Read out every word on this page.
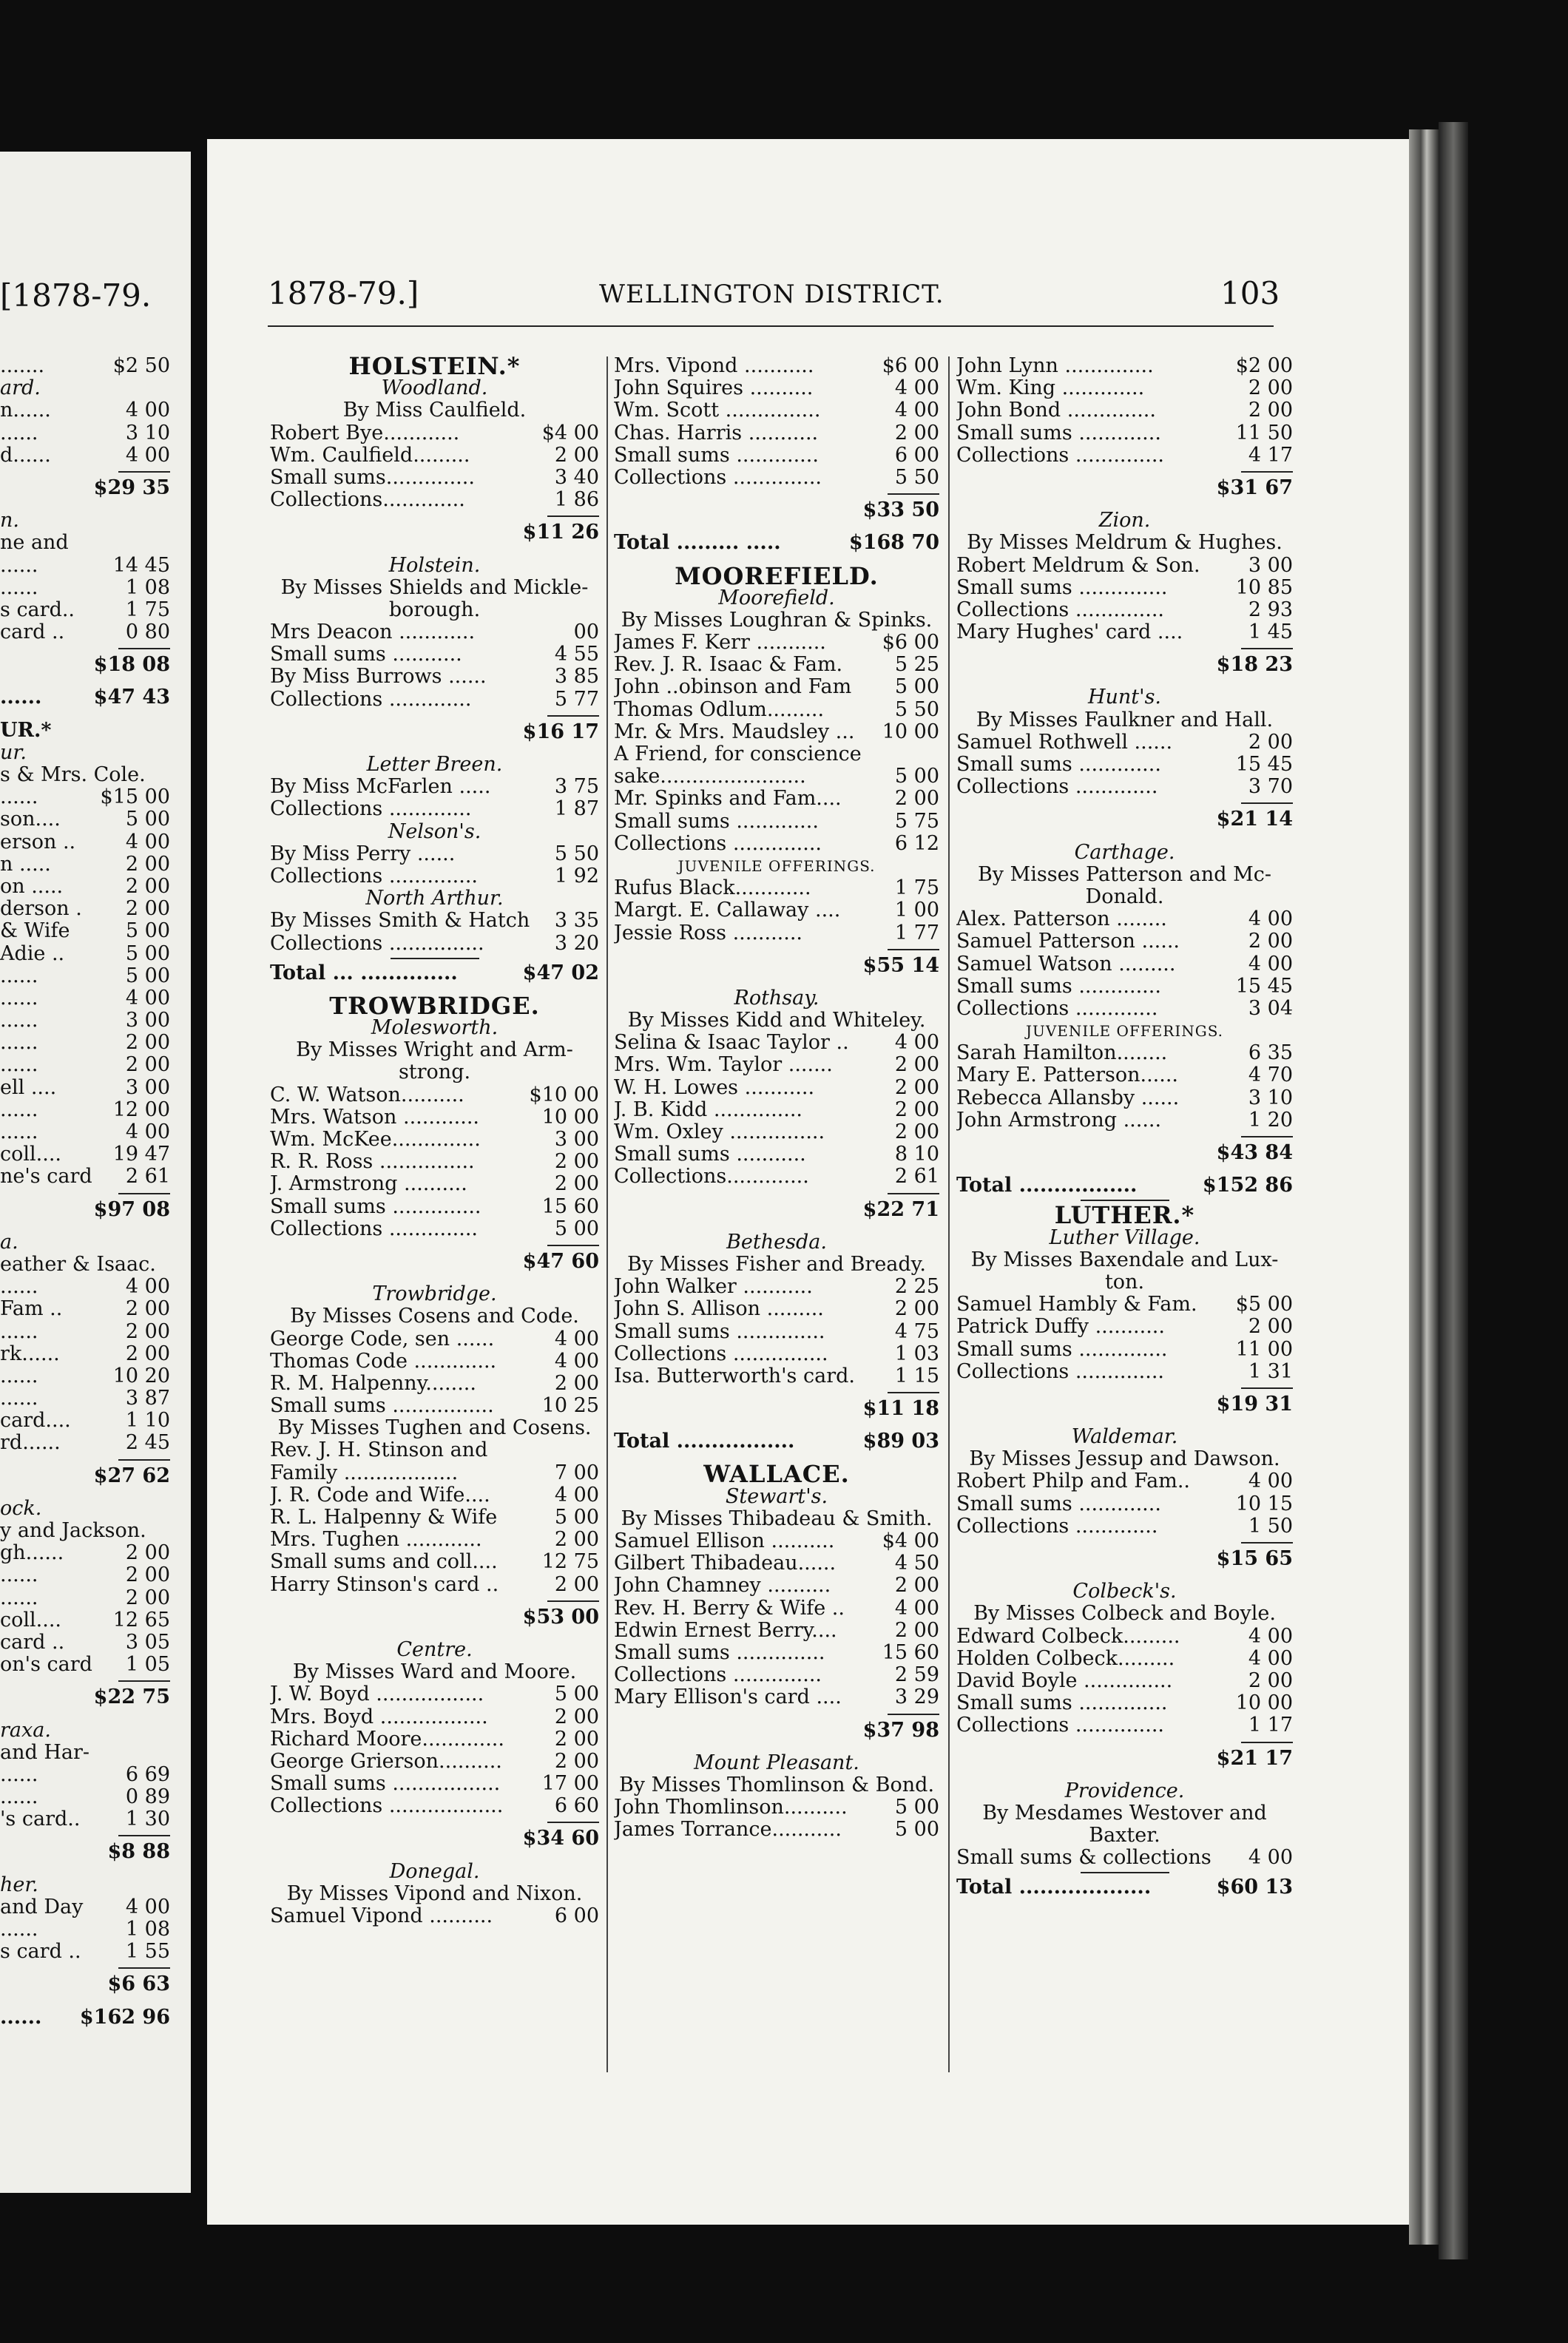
[1878-79.
.......	$2 50
ard.
n......	4 00
......	3 10
d......	4 00
$29 35
n.
ne and
......	14 45
......	1 08
s card..	1 75
card ..	0 80
$18 08
......	$47 43
UR.*
ur.
s & Mrs. Cole.
......	$15 00
son....	5 00
erson ..	4 00
n .....	2 00
on .....	2 00
derson .	2 00
& Wife	5 00
Adie ..	5 00
......	5 00
......	4 00
......	3 00
......	2 00
......	2 00
ell ....	3 00
......	12 00
......	4 00
coll....	19 47
ne's card	2 61
$97 08
a.
eather & Isaac.
......	4 00
Fam ..	2 00
......	2 00
rk......	2 00
......	10 20
......	3 87
card....	1 10
rd......	2 45
$27 62
ock.
y and Jackson.
gh......	2 00
......	2 00
......	2 00
coll....	12 65
card ..	3 05
on's card	1 05
$22 75
raxa.
and Har-
......	6 69
......	0 89
's card..	1 30
$8 88
her.
and Day	4 00
......	1 08
s card ..	1 55
$6 63
......	$162 96
1878-79.]	WELLINGTON DISTRICT.	103
HOLSTEIN.*
Woodland.
By Miss Caulfield.
Robert Bye............	$4 00
Wm. Caulfield.........	2 00
Small sums..............	3 40
Collections.............	1 86
$11 26
Holstein.
By Misses Shields and Mickle-
borough.
Mrs Deacon ............	00
Small sums ...........	4 55
By Miss Burrows ......	3 85
Collections .............	5 77
$16 17
Letter Breen.
By Miss McFarlen .....	3 75
Collections .............	1 87
Nelson's.
By Miss Perry ......	5 50
Collections ..............	1 92
North Arthur.
By Misses Smith & Hatch	3 35
Collections ...............	3 20
Total ... ..............	$47 02
TROWBRIDGE.
Molesworth.
By Misses Wright and Arm-
strong.
C. W. Watson..........	$10 00
Mrs. Watson ............	10 00
Wm. McKee..............	3 00
R. R. Ross ...............	2 00
J. Armstrong ..........	2 00
Small sums ..............	15 60
Collections ..............	5 00
$47 60
Trowbridge.
By Misses Cosens and Code.
George Code, sen ......	4 00
Thomas Code .............	4 00
R. M. Halpenny........	2 00
Small sums ................	10 25
By Misses Tughen and Cosens.
Rev. J. H. Stinson and
Family ..................	7 00
J. R. Code and Wife....	4 00
R. L. Halpenny & Wife	5 00
Mrs. Tughen ............	2 00
Small sums and coll....	12 75
Harry Stinson's card ..	2 00
$53 00
Centre.
By Misses Ward and Moore.
J. W. Boyd .................	5 00
Mrs. Boyd .................	2 00
Richard Moore.............	2 00
George Grierson..........	2 00
Small sums .................	17 00
Collections ..................	6 60
$34 60
Donegal.
By Misses Vipond and Nixon.
Samuel Vipond ..........	6 00
Mrs. Vipond ...........	$6 00
John Squires ..........	4 00
Wm. Scott ...............	4 00
Chas. Harris ...........	2 00
Small sums .............	6 00
Collections ..............	5 50
$33 50
Total ......... .....	$168 70
MOOREFIELD.
Moorefield.
By Misses Loughran & Spinks.
James F. Kerr ...........	$6 00
Rev. J. R. Isaac & Fam.	5 25
John ..obinson and Fam	5 00
Thomas Odlum.........	5 50
Mr. & Mrs. Maudsley ...	10 00
A Friend, for conscience
sake.......................	5 00
Mr. Spinks and Fam....	2 00
Small sums .............	5 75
Collections ..............	6 12
JUVENILE OFFERINGS.
Rufus Black............	1 75
Margt. E. Callaway ....	1 00
Jessie Ross ...........	1 77
$55 14
Rothsay.
By Misses Kidd and Whiteley.
Selina & Isaac Taylor ..	4 00
Mrs. Wm. Taylor .......	2 00
W. H. Lowes ...........	2 00
J. B. Kidd ..............	2 00
Wm. Oxley ...............	2 00
Small sums ...........	8 10
Collections.............	2 61
$22 71
Bethesda.
By Misses Fisher and Bready.
John Walker ...........	2 25
John S. Allison .........	2 00
Small sums ..............	4 75
Collections ...............	1 03
Isa. Butterworth's card.	1 15
$11 18
Total .................	$89 03
WALLACE.
Stewart's.
By Misses Thibadeau & Smith.
Samuel Ellison ..........	$4 00
Gilbert Thibadeau......	4 50
John Chamney ..........	2 00
Rev. H. Berry & Wife ..	4 00
Edwin Ernest Berry....	2 00
Small sums ..............	15 60
Collections ..............	2 59
Mary Ellison's card ....	3 29
$37 98
Mount Pleasant.
By Misses Thomlinson & Bond.
John Thomlinson..........	5 00
James Torrance...........	5 00
John Lynn ..............	$2 00
Wm. King .............	2 00
John Bond ..............	2 00
Small sums .............	11 50
Collections ..............	4 17
$31 67
Zion.
By Misses Meldrum & Hughes.
Robert Meldrum & Son.	3 00
Small sums ..............	10 85
Collections ..............	2 93
Mary Hughes' card ....	1 45
$18 23
Hunt's.
By Misses Faulkner and Hall.
Samuel Rothwell ......	2 00
Small sums .............	15 45
Collections .............	3 70
$21 14
Carthage.
By Misses Patterson and Mc-
Donald.
Alex. Patterson ........	4 00
Samuel Patterson ......	2 00
Samuel Watson .........	4 00
Small sums .............	15 45
Collections .............	3 04
JUVENILE OFFERINGS.
Sarah Hamilton........	6 35
Mary E. Patterson......	4 70
Rebecca Allansby ......	3 10
John Armstrong ......	1 20
$43 84
Total .................	$152 86
LUTHER.*
Luther Village.
By Misses Baxendale and Lux-
ton.
Samuel Hambly & Fam.	$5 00
Patrick Duffy ...........	2 00
Small sums ..............	11 00
Collections ..............	1 31
$19 31
Waldemar.
By Misses Jessup and Dawson.
Robert Philp and Fam..	4 00
Small sums .............	10 15
Collections .............	1 50
$15 65
Colbeck's.
By Misses Colbeck and Boyle.
Edward Colbeck.........	4 00
Holden Colbeck.........	4 00
David Boyle ..............	2 00
Small sums ..............	10 00
Collections ..............	1 17
$21 17
Providence.
By Mesdames Westover and
Baxter.
Small sums & collections	4 00
Total ...................	$60 13
